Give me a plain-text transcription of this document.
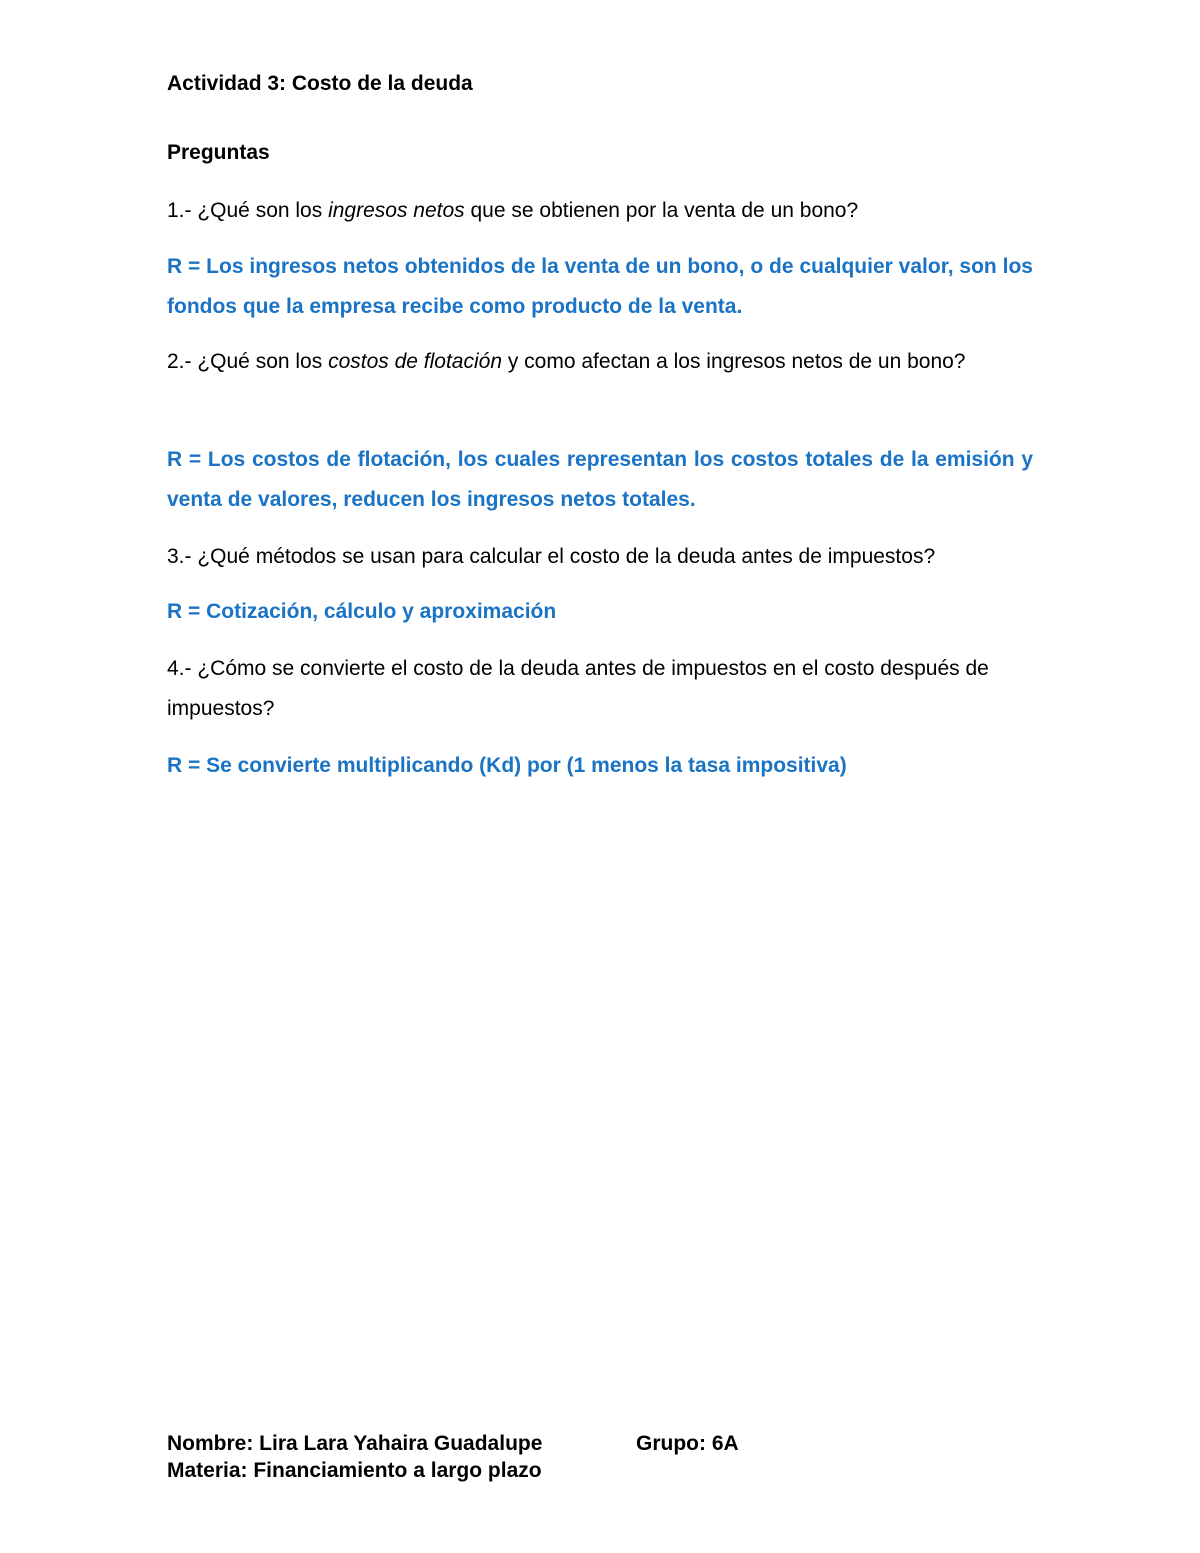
Actividad 3: Costo de la deuda

Preguntas

1.- ¿Qué son los ingresos netos que se obtienen por la venta de un bono?

R = Los ingresos netos obtenidos de la venta de un bono, o de cualquier valor, son los fondos que la empresa recibe como producto de la venta.

2.- ¿Qué son los costos de flotación y como afectan a los ingresos netos de un bono?

R = Los costos de flotación, los cuales representan los costos totales de la emisión y venta de valores, reducen los ingresos netos totales.

3.- ¿Qué métodos se usan para calcular el costo de la deuda antes de impuestos?

R = Cotización, cálculo y aproximación

4.- ¿Cómo se convierte el costo de la deuda antes de impuestos en el costo después de impuestos?

R = Se convierte multiplicando (Kd) por (1 menos la tasa impositiva)

Nombre: Lira Lara Yahaira Guadalupe	Grupo: 6A
Materia: Financiamiento a largo plazo
